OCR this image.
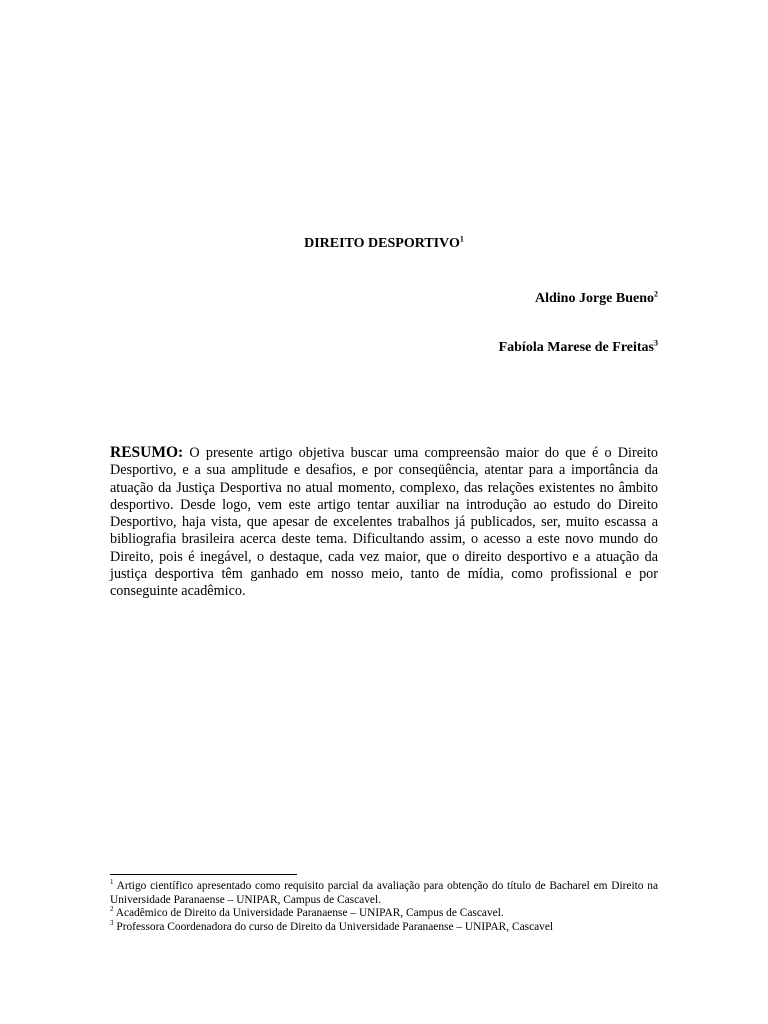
DIREITO DESPORTIVO$^1$
Aldino Jorge Bueno$^2$
Fabíola Marese de Freitas$^3$
RESUMO: O presente artigo objetiva buscar uma compreensão maior do que é o Direito Desportivo, e a sua amplitude e desafios, e por conseqüência, atentar para a importância da atuação da Justiça Desportiva no atual momento, complexo, das relações existentes no âmbito desportivo. Desde logo, vem este artigo tentar auxiliar na introdução ao estudo do Direito Desportivo, haja vista, que apesar de excelentes trabalhos já publicados, ser, muito escassa a bibliografia brasileira acerca deste tema. Dificultando assim, o acesso a este novo mundo do Direito, pois é inegável, o destaque, cada vez maior, que o direito desportivo e a atuação da justiça desportiva têm ganhado em nosso meio, tanto de mídia, como profissional e por conseguinte acadêmico.

$^1$ Artigo científico apresentado como requisito parcial da avaliação para obtenção do título de Bacharel em Direito na Universidade Paranaense – UNIPAR, Campus de Cascavel.

$^2$ Acadêmico de Direito da Universidade Paranaense – UNIPAR, Campus de Cascavel.

$^3$ Professora Coordenadora do curso de Direito da Universidade Paranaense – UNIPAR, Cascavel
